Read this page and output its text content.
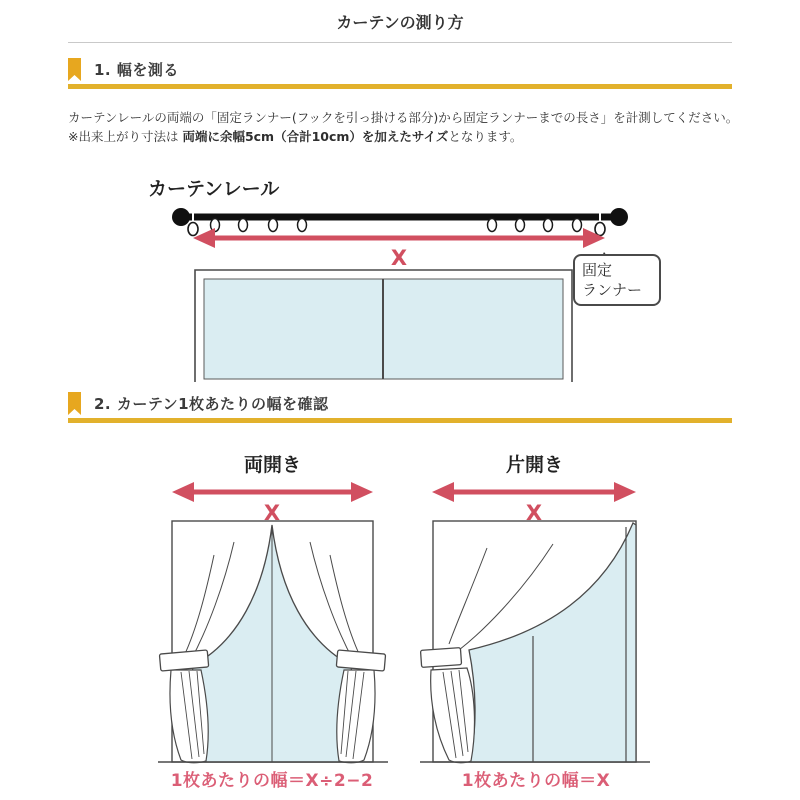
カーテンの測り方
1. 幅を測る
カーテンレールの両端の「固定ランナー(フックを引っ掛ける部分)から固定ランナーまでの長さ」を計測してください。
※出来上がり寸法は 両端に余幅5cm（合計10cm）を加えたサイズとなります。
カーテンレール
X	固定
ランナー
2. カーテン1枚あたりの幅を確認
両開き	片開き
X	X
1枚あたりの幅＝X÷2−2	1枚あたりの幅＝X
